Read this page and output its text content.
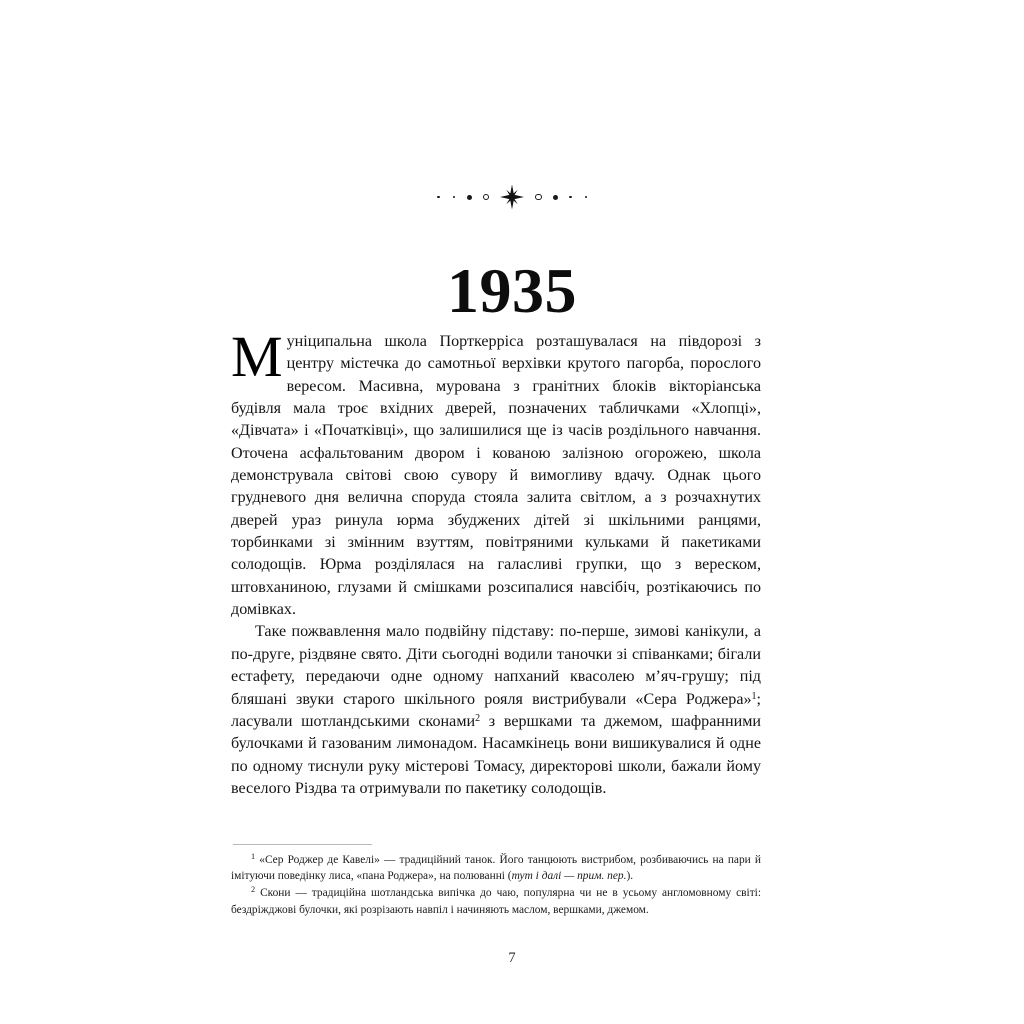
1935

Муніципальна школа Порткерріса розташувалася на півдорозі з центру містечка до самотньої верхівки крутого пагорба, порослого вересом. Масивна, мурована з гранітних блоків вікторіанська будівля мала троє вхідних дверей, позначених табличками «Хлопці», «Дівчата» і «Початківці», що залишилися ще із часів роздільного навчання. Оточена асфальтованим двором і кованою залізною огорожею, школа демонструвала світові свою сувору й вимогливу вдачу. Однак цього грудневого дня велична споруда стояла залита світлом, а з розчахнутих дверей ураз ринула юрма збуджених дітей зі шкільними ранцями, торбинками зі змінним взуттям, повітряними кульками й пакетиками солодощів. Юрма розділялася на галасливі групки, що з вереском, штовханиною, глузами й смішками розсипалися навсібіч, розтікаючись по домівках.

Таке пожвавлення мало подвійну підставу: по-перше, зимові канікули, а по-друге, різдвяне свято. Діти сьогодні водили таночки зі співанками; бігали естафету, передаючи одне одному напханий квасолею м’яч-грушу; під бляшані звуки старого шкільного рояля вистрибували «Сера Роджера»$^1$; ласували шотландськими сконами$^2$ з вершками та джемом, шафранними булочками й газованим лимонадом. Насамкінець вони вишикувалися й одне по одному тиснули руку містерові Томасу, директорові школи, бажали йому веселого Різдва та отримували по пакетику солодощів.

$^1$ «Сер Роджер де Кавелі» — традиційний танок. Його танцюють вистрибом, розбиваючись на пари й імітуючи поведінку лиса, «пана Роджера», на полюванні (тут і далі — прим. пер.).

$^2$ Скони — традиційна шотландська випічка до чаю, популярна чи не в усьому англомовному світі: бездріжджові булочки, які розрізають навпіл і начиняють маслом, вершками, джемом.

7
